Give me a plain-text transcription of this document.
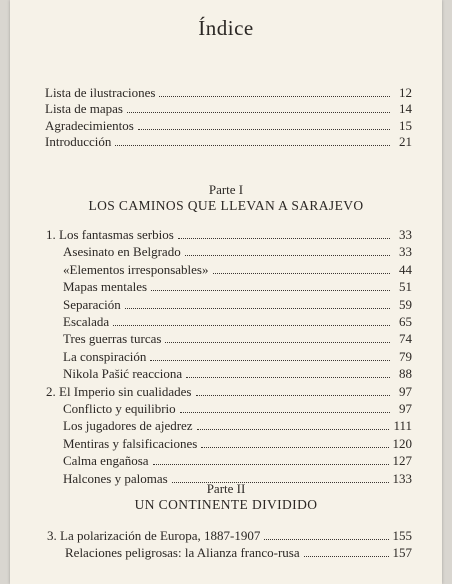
Índice
Lista de ilustraciones	12
Lista de mapas	14
Agradecimientos	15
Introducción	21
Parte I
LOS CAMINOS QUE LLEVAN A SARAJEVO
1. Los fantasmas serbios	33
Asesinato en Belgrado	33
«Elementos irresponsables»	44
Mapas mentales	51
Separación	59
Escalada	65
Tres guerras turcas	74
La conspiración	79
Nikola Pašić reacciona	88
2. El Imperio sin cualidades	97
Conflicto y equilibrio	97
Los jugadores de ajedrez	111
Mentiras y falsificaciones	120
Calma engañosa	127
Halcones y palomas	133
Parte II
UN CONTINENTE DIVIDIDO
3. La polarización de Europa, 1887-1907	155
Relaciones peligrosas: la Alianza franco-rusa	157
